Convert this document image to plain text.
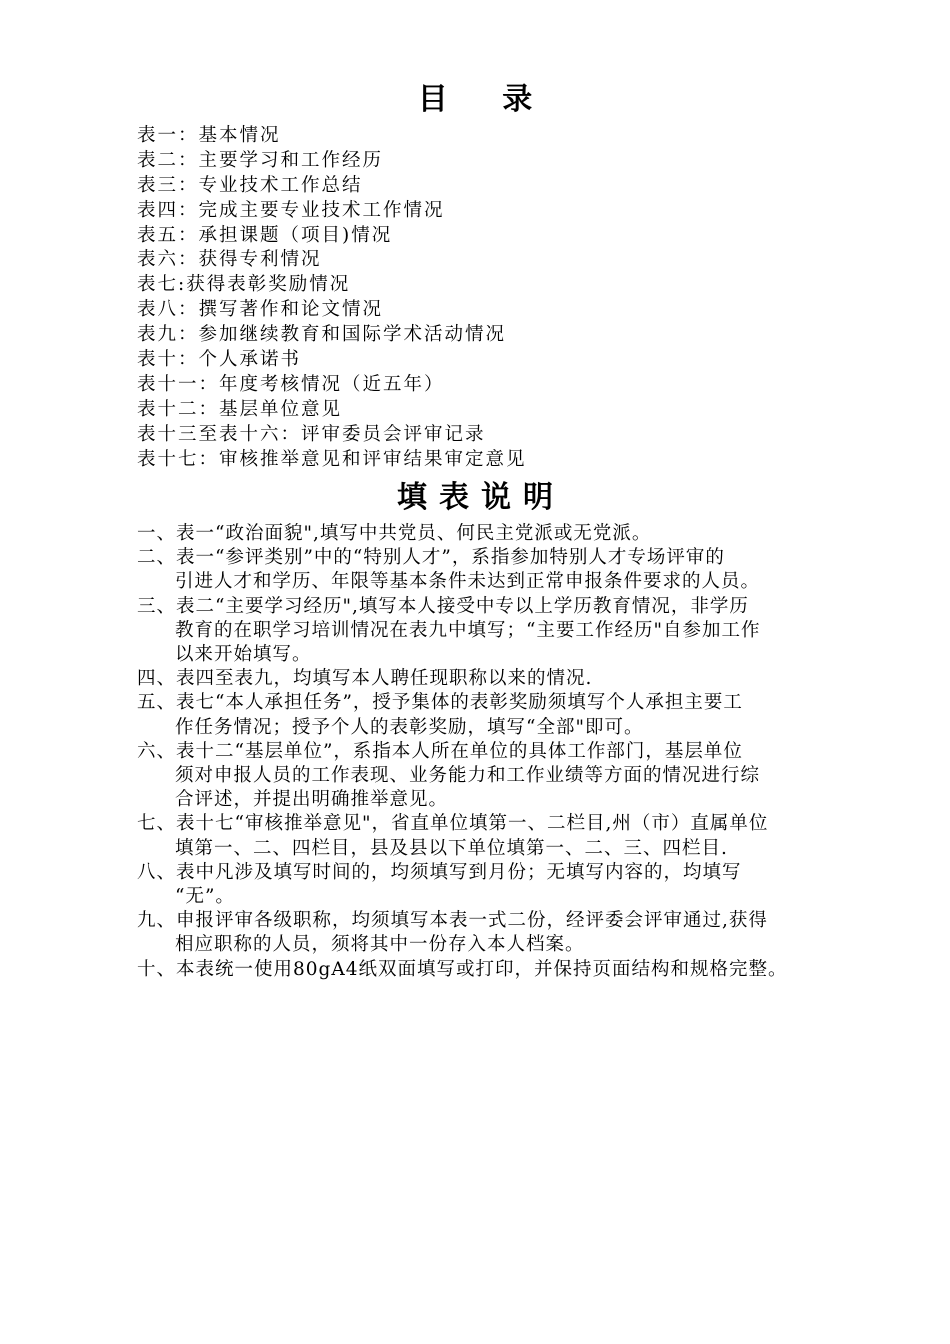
目 录
表一：基本情况
表二：主要学习和工作经历
表三：专业技术工作总结
表四：完成主要专业技术工作情况
表五：承担课题（项目)情况
表六：获得专利情况
表七:获得表彰奖励情况
表八：撰写著作和论文情况
表九：参加继续教育和国际学术活动情况
表十：个人承诺书
表十一：年度考核情况（近五年）
表十二：基层单位意见
表十三至表十六：评审委员会评审记录
表十七：审核推举意见和评审结果审定意见
填表说明
一、表一“政治面貌",填写中共党员、何民主党派或无党派。
二、表一“参评类别”中的“特别人才”，系指参加特别人才专场评审的
引进人才和学历、年限等基本条件未达到正常申报条件要求的人员。
三、表二“主要学习经历",填写本人接受中专以上学历教育情况，非学历
教育的在职学习培训情况在表九中填写；“主要工作经历"自参加工作
以来开始填写。
四、表四至表九，均填写本人聘任现职称以来的情况.
五、表七“本人承担任务”，授予集体的表彰奖励须填写个人承担主要工
作任务情况；授予个人的表彰奖励，填写“全部"即可。
六、表十二“基层单位”，系指本人所在单位的具体工作部门，基层单位
须对申报人员的工作表现、业务能力和工作业绩等方面的情况进行综
合评述，并提出明确推举意见。
七、表十七“审核推举意见"，省直单位填第一、二栏目,州（市）直属单位
填第一、二、四栏目，县及县以下单位填第一、二、三、四栏目.
八、表中凡涉及填写时间的，均须填写到月份；无填写内容的，均填写
“无”。
九、申报评审各级职称，均须填写本表一式二份，经评委会评审通过,获得
相应职称的人员，须将其中一份存入本人档案。
十、本表统一使用80gA4纸双面填写或打印，并保持页面结构和规格完整。
